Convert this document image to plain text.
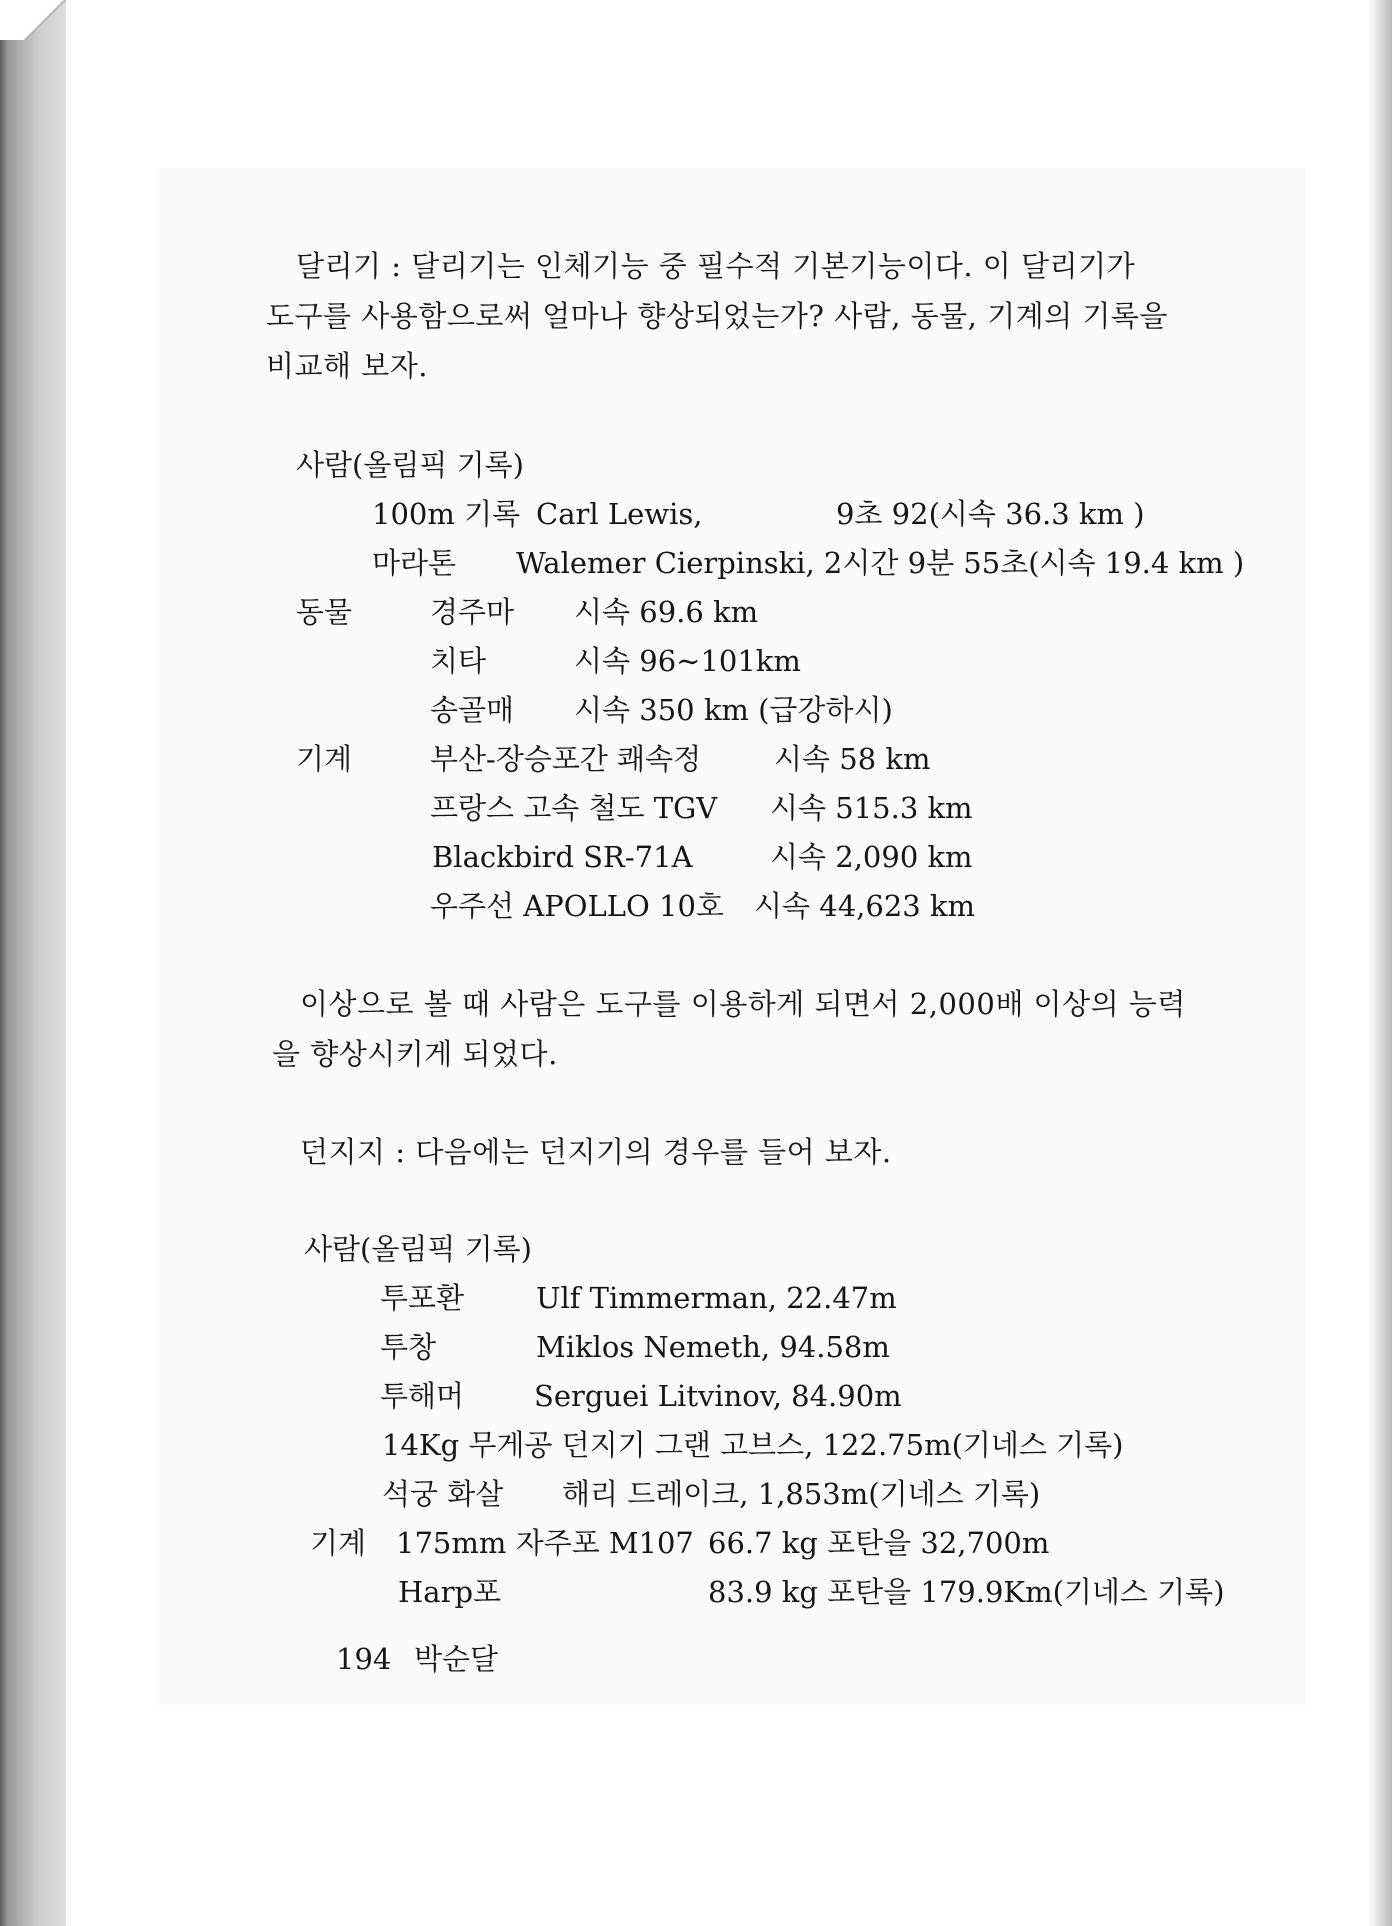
달리기 : 달리기는 인체기능 중 필수적 기본기능이다. 이 달리기가
도구를 사용함으로써 얼마나 향상되었는가? 사람, 동물, 기계의 기록을
비교해 보자.
사람(올림픽 기록)
100m 기록 Carl Lewis,	9초 92(시속 36.3 km )
마라톤 Walemer Cierpinski, 2시간 9분 55초(시속 19.4 km )
동물	경주마 시속 69.6 km
치타	시속 96∼101km
송골매 시속 350 km (급강하시)
기계	부산-장승포간 쾌속정	시속 58 km
프랑스 고속 철도 TGV 시속 515.3 km
Blackbird SR-71A	시속 2,090 km
우주선 APOLLO 10호 시속 44,623 km
이상으로 볼 때 사람은 도구를 이용하게 되면서 2,000배 이상의 능력
을 향상시키게 되었다.
던지지 : 다음에는 던지기의 경우를 들어 보자.
사람(올림픽 기록)
투포환 Ulf Timmerman, 22.47m
투창	Miklos Nemeth, 94.58m
투해머 Serguei Litvinov, 84.90m
14Kg 무게공 던지기 그랜 고브스, 122.75m(기네스 기록)
석궁 화살 해리 드레이크, 1,853m(기네스 기록)
기계 175mm 자주포 M107 66.7 kg 포탄을 32,700m
Harp포	83.9 kg 포탄을 179.9Km(기네스 기록)
194 박순달
